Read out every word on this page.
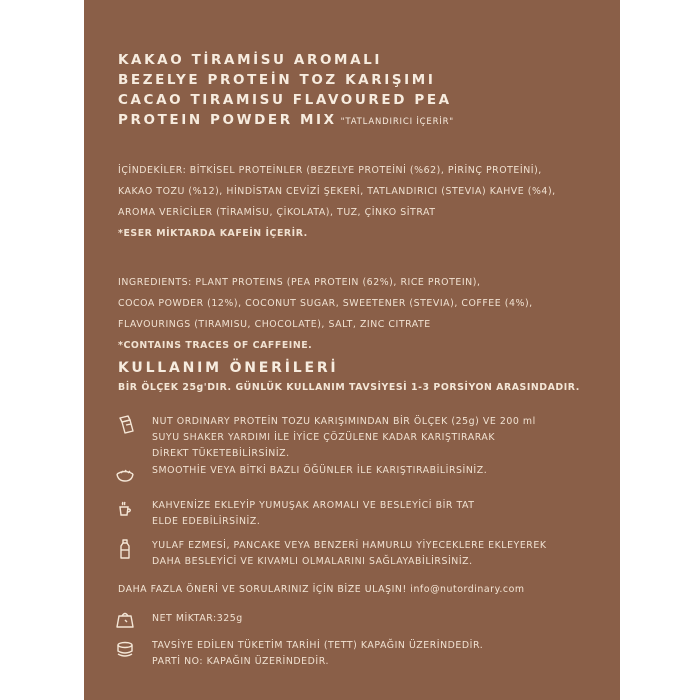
KAKAO TİRAMİSU AROMALI
BEZELYE PROTEİN TOZ KARIŞIMI
CACAO TIRAMISU FLAVOURED PEA
PROTEIN POWDER MIX "TATLANDIRICI İÇERİR"
İÇİNDEKİLER: BİTKİSEL PROTEİNLER (BEZELYE PROTEİNİ (%62), PİRİNÇ PROTEİNİ),
KAKAO TOZU (%12), HİNDİSTAN CEVİZİ ŞEKERİ, TATLANDIRICI (STEVIA) KAHVE (%4),
AROMA VERİCİLER (TİRAMİSU, ÇİKOLATA), TUZ, ÇİNKO SİTRAT
*ESER MİKTARDA KAFEİN İÇERİR.
INGREDIENTS: PLANT PROTEINS (PEA PROTEIN (62%), RICE PROTEIN),
COCOA POWDER (12%), COCONUT SUGAR, SWEETENER (STEVIA), COFFEE (4%),
FLAVOURINGS (TIRAMISU, CHOCOLATE), SALT, ZINC CITRATE
*CONTAINS TRACES OF CAFFEINE.
KULLANIM ÖNERİLERİ
BİR ÖLÇEK 25g'DIR. GÜNLÜK KULLANIM TAVSİYESİ 1-3 PORSİYON ARASINDADIR.
NUT ORDINARY PROTEİN TOZU KARIŞIMINDAN BİR ÖLÇEK (25g) VE 200 ml
SUYU SHAKER YARDIMI İLE İYİCE ÇÖZÜLENE KADAR KARIŞTIRARAK
DİREKT TÜKETEBİLİRSİNİZ.
SMOOTHİE VEYA BİTKİ BAZLI ÖĞÜNLER İLE KARIŞTIRABİLİRSİNİZ.
KAHVENİZE EKLEYİP YUMUŞAK AROMALI VE BESLEYİCİ BİR TAT
ELDE EDEBİLİRSİNİZ.
YULAF EZMESİ, PANCAKE VEYA BENZERİ HAMURLU YİYECEKLERE EKLEYEREK
DAHA BESLEYİCİ VE KIVAMLI OLMALARINI SAĞLAYABİLİRSİNİZ.
DAHA FAZLA ÖNERİ VE SORULARINIZ İÇİN BİZE ULAŞIN! info@nutordinary.com
NET MİKTAR:325g
TAVSİYE EDİLEN TÜKETİM TARİHİ (TETT) KAPAĞIN ÜZERİNDEDİR.
PARTİ NO: KAPAĞIN ÜZERİNDEDİR.
